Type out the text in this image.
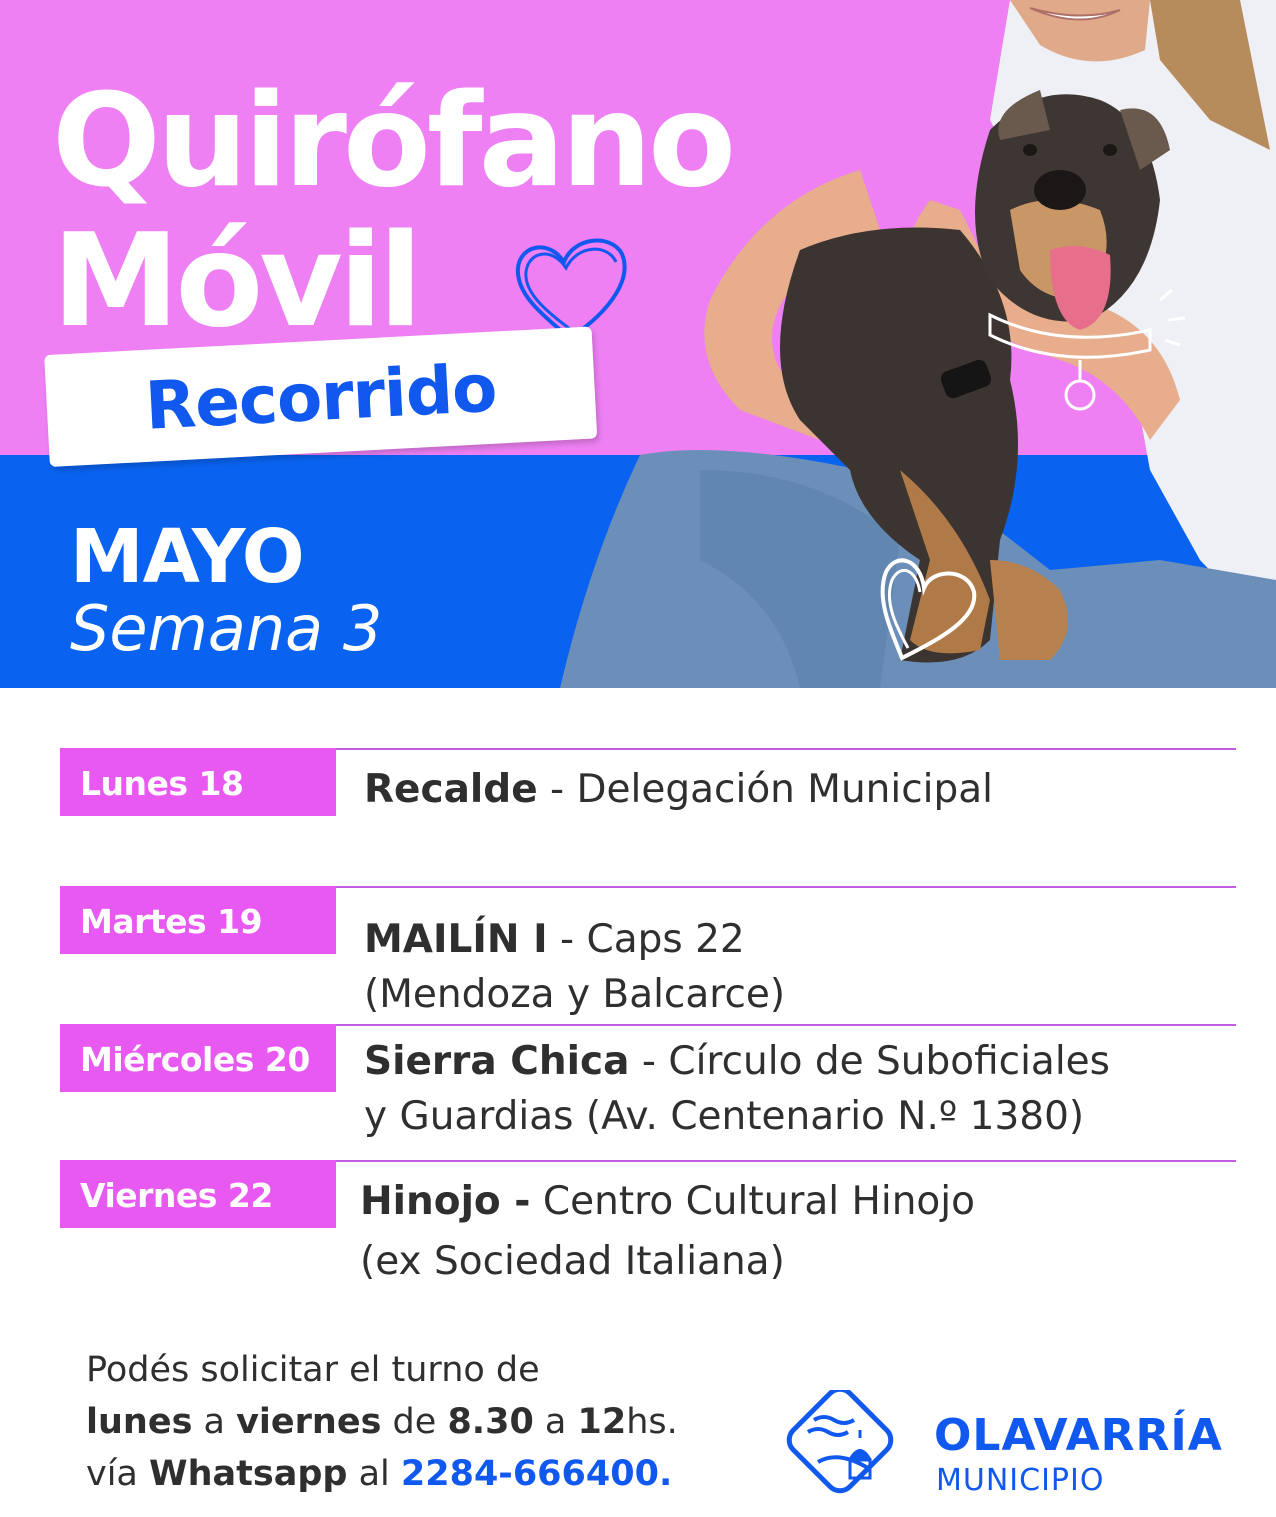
Quirófano
Móvil
Recorrido
MAYO
Semana 3
Lunes 18	Recalde - Delegación Municipal
Martes 19	MAILÍN I - Caps 22
(Mendoza y Balcarce)
Miércoles 20	Sierra Chica - Círculo de Suboficiales
y Guardias (Av. Centenario N.º 1380)
Viernes 22	Hinojo - Centro Cultural Hinojo
(ex Sociedad Italiana)
Podés solicitar el turno de
lunes a viernes de 8.30 a 12hs.
vía Whatsapp al 2284-666400.
OLAVARRÍA
MUNICIPIO
